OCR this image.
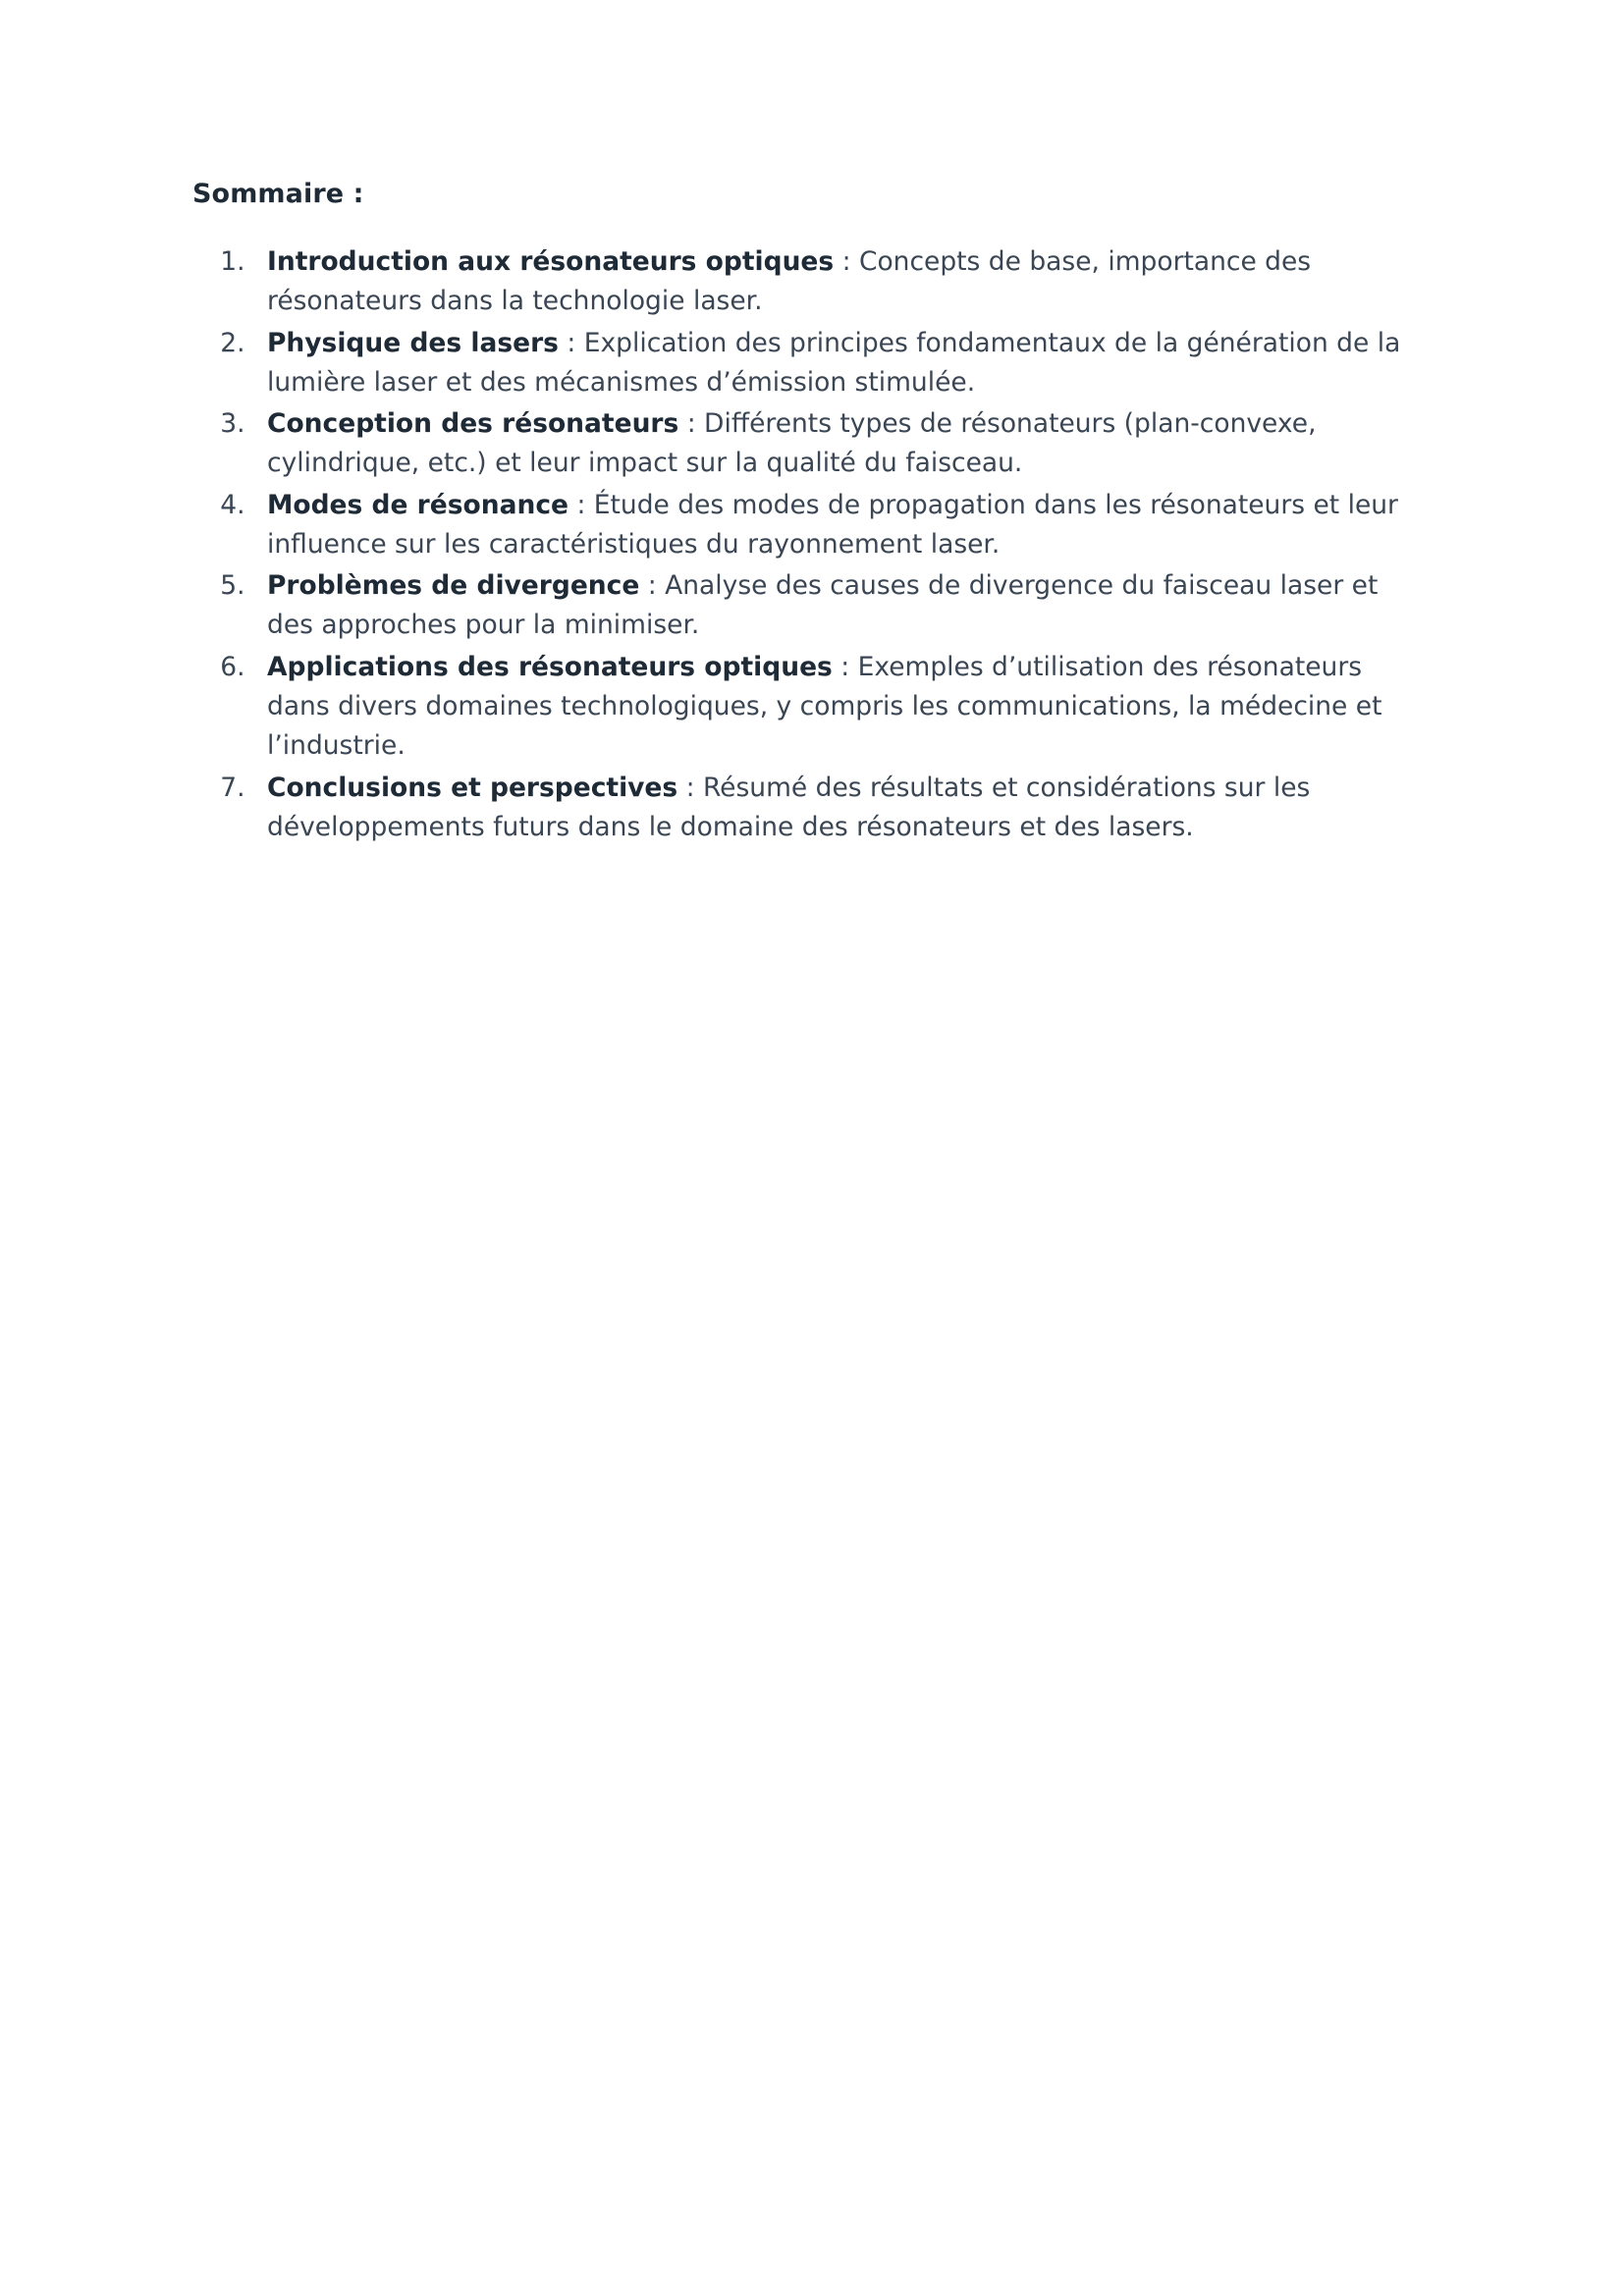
Sommaire :
1. Introduction aux résonateurs optiques : Concepts de base, importance des résonateurs dans la technologie laser.
2. Physique des lasers : Explication des principes fondamentaux de la génération de la lumière laser et des mécanismes d’émission stimulée.
3. Conception des résonateurs : Différents types de résonateurs (plan-convexe, cylindrique, etc.) et leur impact sur la qualité du faisceau.
4. Modes de résonance : Étude des modes de propagation dans les résonateurs et leur influence sur les caractéristiques du rayonnement laser.
5. Problèmes de divergence : Analyse des causes de divergence du faisceau laser et des approches pour la minimiser.
6. Applications des résonateurs optiques : Exemples d’utilisation des résonateurs dans divers domaines technologiques, y compris les communications, la médecine et l’industrie.
7. Conclusions et perspectives : Résumé des résultats et considérations sur les développements futurs dans le domaine des résonateurs et des lasers.
